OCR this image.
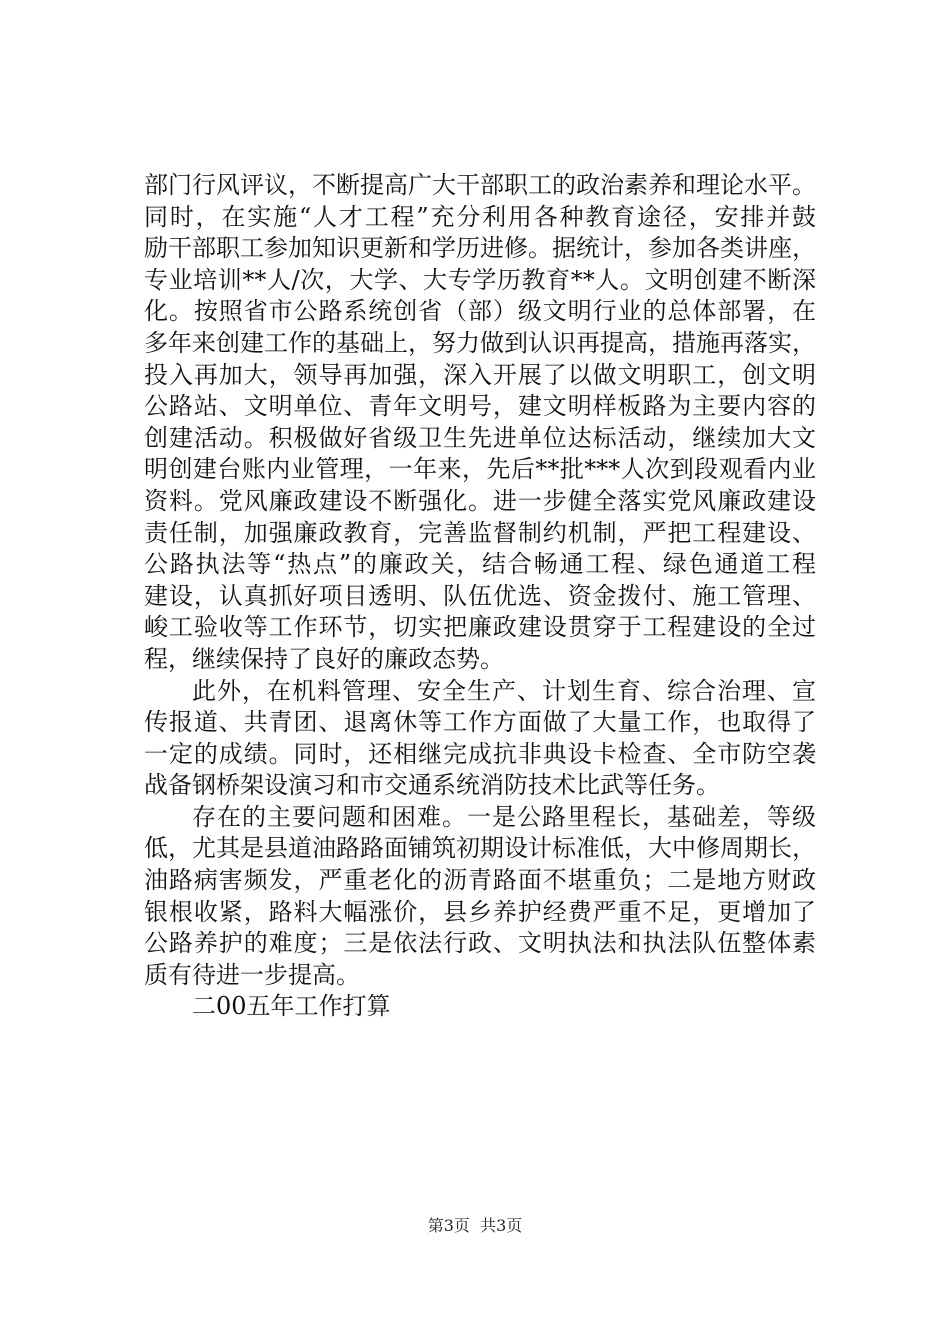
部门行风评议，不断提高广大干部职工的政治素养和理论水平。
同时，在实施“人才工程”充分利用各种教育途径，安排并鼓
励干部职工参加知识更新和学历进修。据统计，参加各类讲座，
专业培训**人/次，大学、大专学历教育**人。文明创建不断深
化。按照省市公路系统创省（部）级文明行业的总体部署，在
多年来创建工作的基础上，努力做到认识再提高，措施再落实，
投入再加大，领导再加强，深入开展了以做文明职工，创文明
公路站、文明单位、青年文明号，建文明样板路为主要内容的
创建活动。积极做好省级卫生先进单位达标活动，继续加大文
明创建台账内业管理，一年来，先后**批***人次到段观看内业
资料。党风廉政建设不断强化。进一步健全落实党风廉政建设
责任制，加强廉政教育，完善监督制约机制，严把工程建设、
公路执法等“热点”的廉政关，结合畅通工程、绿色通道工程
建设，认真抓好项目透明、队伍优选、资金拨付、施工管理、
峻工验收等工作环节，切实把廉政建设贯穿于工程建设的全过
程，继续保持了良好的廉政态势。
此外，在机料管理、安全生产、计划生育、综合治理、宣
传报道、共青团、退离休等工作方面做了大量工作，也取得了
一定的成绩。同时，还相继完成抗非典设卡检查、全市防空袭
战备钢桥架设演习和市交通系统消防技术比武等任务。
存在的主要问题和困难。一是公路里程长，基础差，等级
低，尤其是县道油路路面铺筑初期设计标准低，大中修周期长，
油路病害频发，严重老化的沥青路面不堪重负；二是地方财政
银根收紧，路料大幅涨价，县乡养护经费严重不足，更增加了
公路养护的难度；三是依法行政、文明执法和执法队伍整体素
质有待进一步提高。
二00五年工作打算
第3页  共3页
